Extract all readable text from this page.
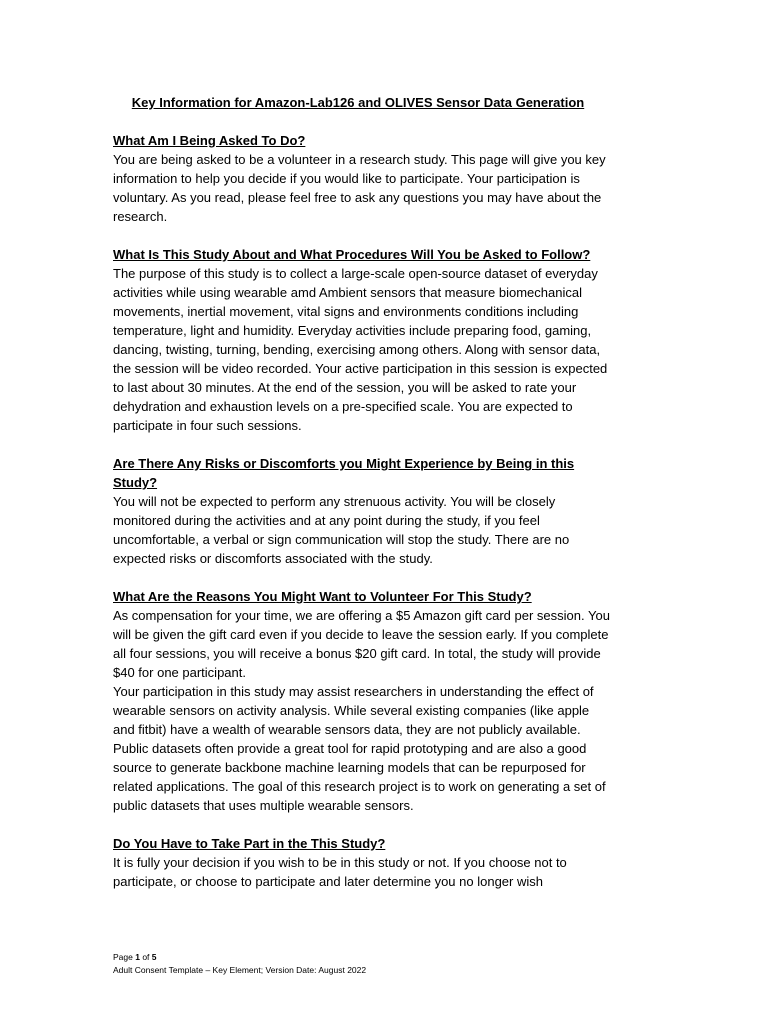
Key Information for Amazon-Lab126 and OLIVES Sensor Data Generation

What Am I Being Asked To Do?

You are being asked to be a volunteer in a research study. This page will give you key information to help you decide if you would like to participate. Your participation is voluntary. As you read, please feel free to ask any questions you may have about the research.

What Is This Study About and What Procedures Will You be Asked to Follow?

The purpose of this study is to collect a large-scale open-source dataset of everyday activities while using wearable amd Ambient sensors that measure biomechanical movements, inertial movement, vital signs and environments conditions including temperature, light and humidity. Everyday activities include preparing food, gaming, dancing, twisting, turning, bending, exercising among others. Along with sensor data, the session will be video recorded. Your active participation in this session is expected to last about 30 minutes. At the end of the session, you will be asked to rate your dehydration and exhaustion levels on a pre-specified scale. You are expected to participate in four such sessions.

Are There Any Risks or Discomforts you Might Experience by Being in this Study?

You will not be expected to perform any strenuous activity. You will be closely monitored during the activities and at any point during the study, if you feel uncomfortable, a verbal or sign communication will stop the study. There are no expected risks or discomforts associated with the study.

What Are the Reasons You Might Want to Volunteer For This Study?

As compensation for your time, we are offering a $5 Amazon gift card per session. You will be given the gift card even if you decide to leave the session early. If you complete all four sessions, you will receive a bonus $20 gift card. In total, the study will provide $40 for one participant.

Your participation in this study may assist researchers in understanding the effect of wearable sensors on activity analysis. While several existing companies (like apple and fitbit) have a wealth of wearable sensors data, they are not publicly available. Public datasets often provide a great tool for rapid prototyping and are also a good source to generate backbone machine learning models that can be repurposed for related applications. The goal of this research project is to work on generating a set of public datasets that uses multiple wearable sensors.

Do You Have to Take Part in the This Study?

It is fully your decision if you wish to be in this study or not. If you choose not to participate, or choose to participate and later determine you no longer wish

Page 1 of 5
Adult Consent Template – Key Element; Version Date: August 2022
